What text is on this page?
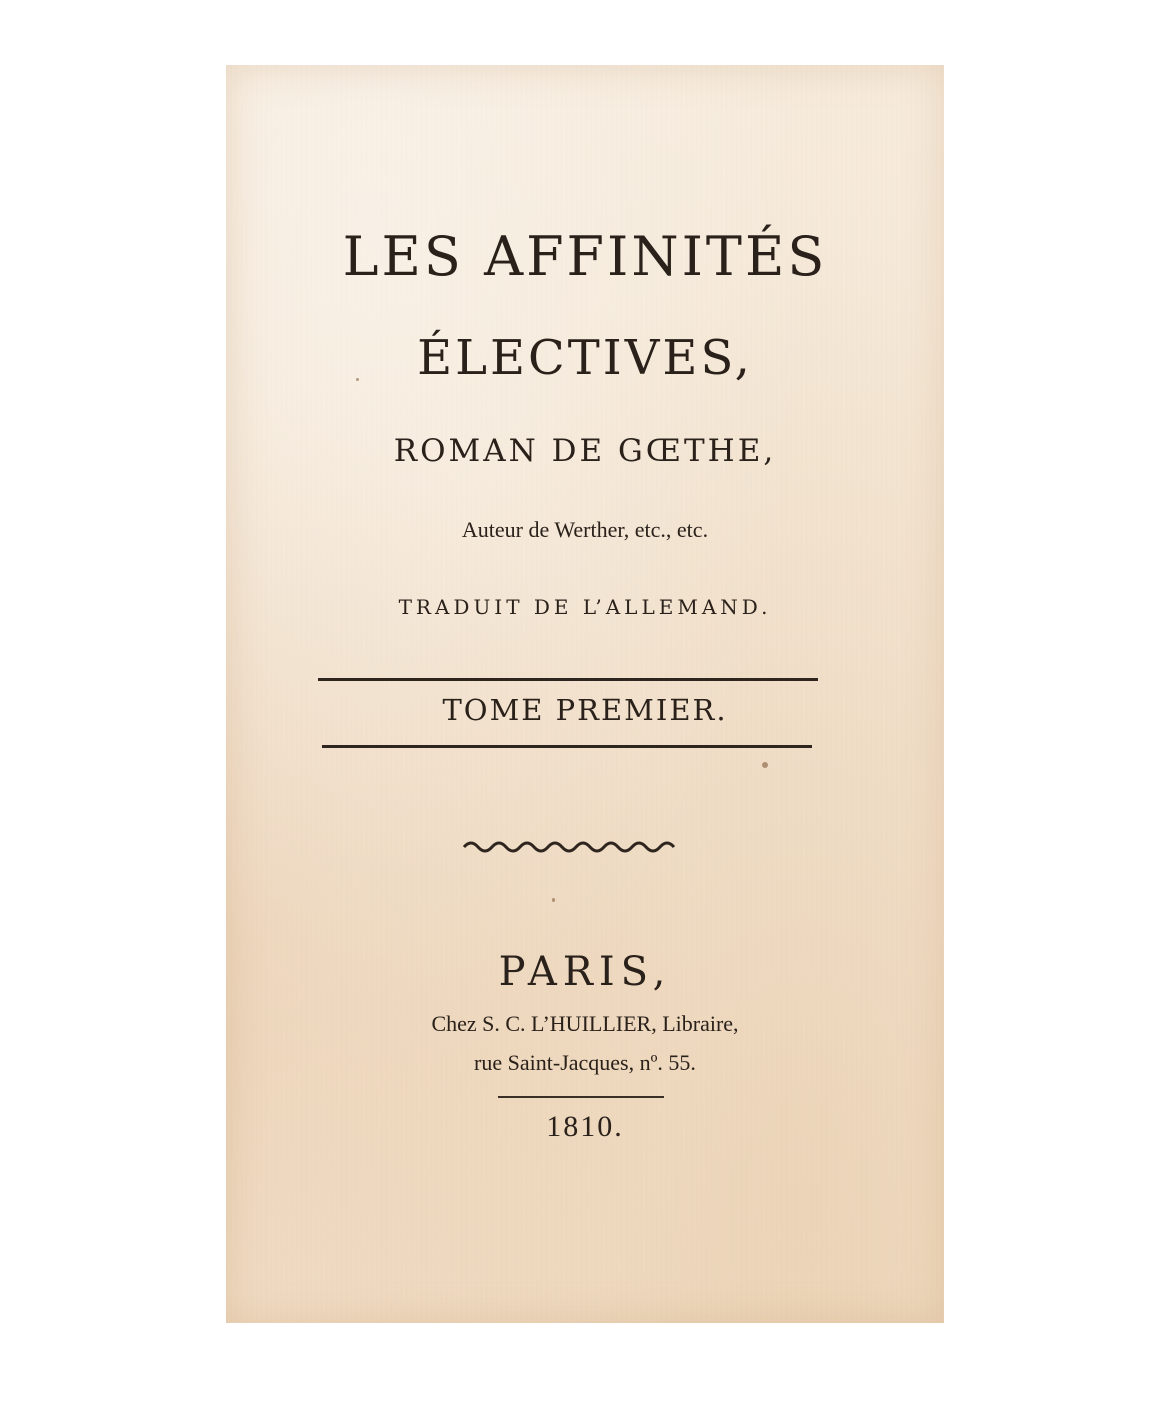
LES AFFINITÉS
ÉLECTIVES,
ROMAN DE GŒTHE,
Auteur de Werther, etc., etc.
TRADUIT DE L’ALLEMAND.
TOME PREMIER.
PARIS,
Chez S. C. L’HUILLIER, Libraire,
rue Saint-Jacques, nº. 55.
1810.
